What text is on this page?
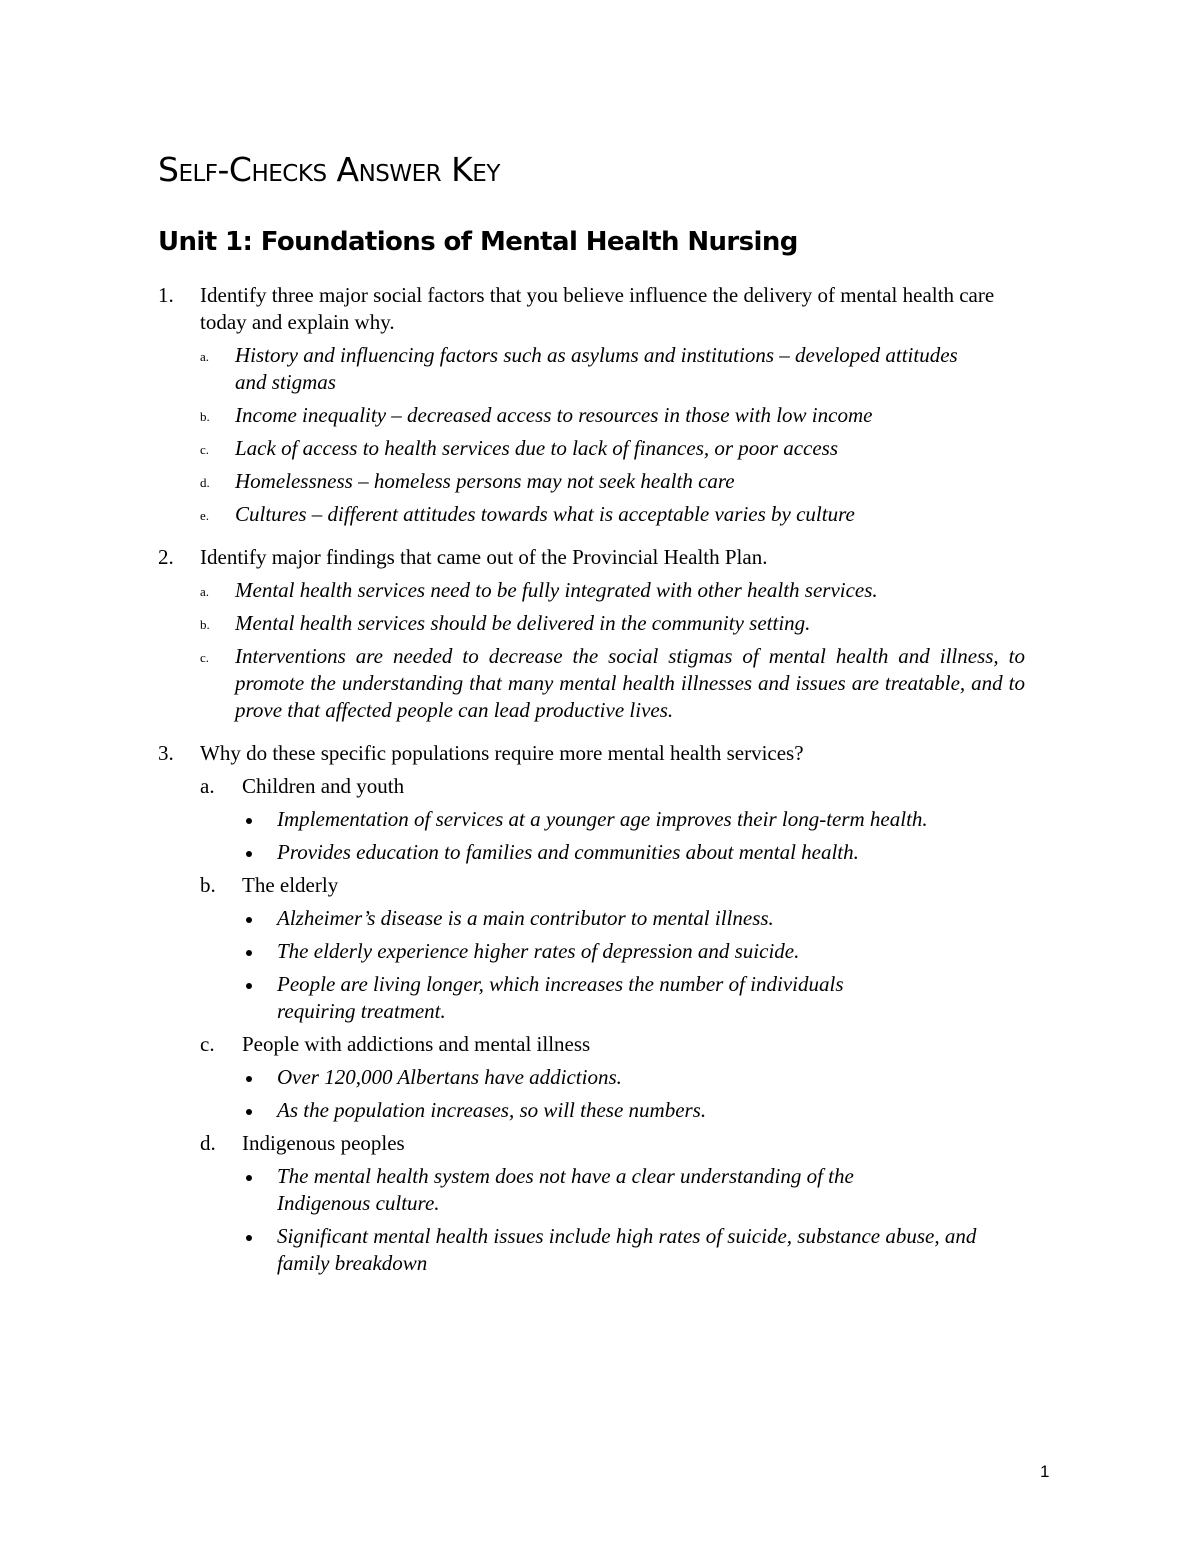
Self-Checks Answer Key
Unit 1: Foundations of Mental Health Nursing
1. Identify three major social factors that you believe influence the delivery of mental health care today and explain why.
a. History and influencing factors such as asylums and institutions – developed attitudes and stigmas
b. Income inequality – decreased access to resources in those with low income
c. Lack of access to health services due to lack of finances, or poor access
d. Homelessness – homeless persons may not seek health care
e. Cultures – different attitudes towards what is acceptable varies by culture
2. Identify major findings that came out of the Provincial Health Plan.
a. Mental health services need to be fully integrated with other health services.
b. Mental health services should be delivered in the community setting.
c. Interventions are needed to decrease the social stigmas of mental health and illness, to promote the understanding that many mental health illnesses and issues are treatable, and to prove that affected people can lead productive lives.
3. Why do these specific populations require more mental health services?
a. Children and youth
Implementation of services at a younger age improves their long-term health.
Provides education to families and communities about mental health.
b. The elderly
Alzheimer’s disease is a main contributor to mental illness.
The elderly experience higher rates of depression and suicide.
People are living longer, which increases the number of individuals requiring treatment.
c. People with addictions and mental illness
Over 120,000 Albertans have addictions.
As the population increases, so will these numbers.
d. Indigenous peoples
The mental health system does not have a clear understanding of the Indigenous culture.
Significant mental health issues include high rates of suicide, substance abuse, and family breakdown
1
